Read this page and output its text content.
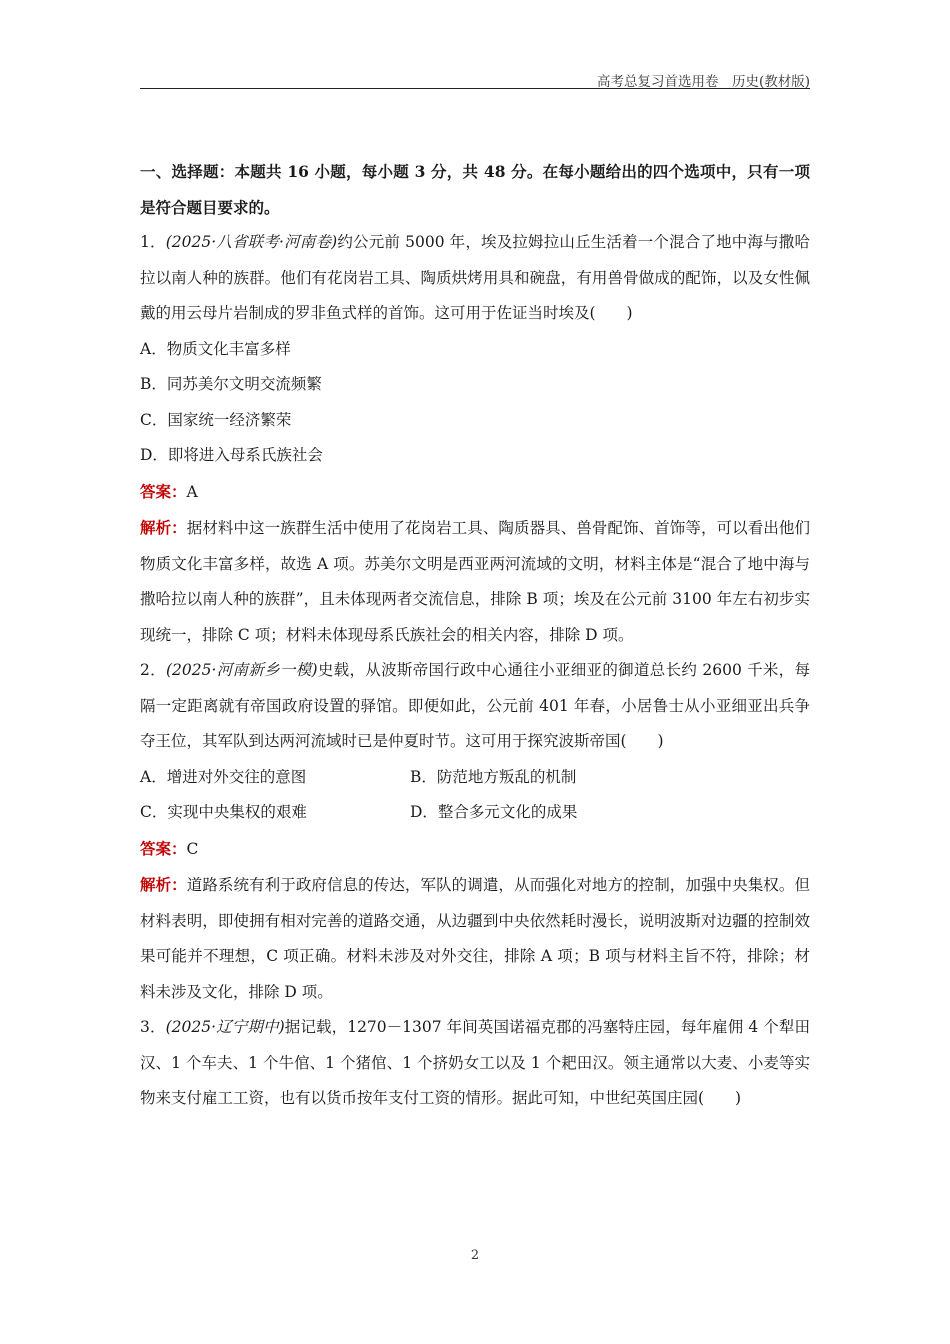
高考总复习首选用卷　历史(教材版)

一、选择题：本题共 16 小题，每小题 3 分，共 48 分。在每小题给出的四个选项中，只有一项是符合题目要求的。

1．(2025·八省联考·河南卷)约公元前 5000 年，埃及拉姆拉山丘生活着一个混合了地中海与撒哈拉以南人种的族群。他们有花岗岩工具、陶质烘烤用具和碗盘，有用兽骨做成的配饰，以及女性佩戴的用云母片岩制成的罗非鱼式样的首饰。这可用于佐证当时埃及(　　)

A．物质文化丰富多样

B．同苏美尔文明交流频繁

C．国家统一经济繁荣

D．即将进入母系氏族社会

答案：A

解析：据材料中这一族群生活中使用了花岗岩工具、陶质器具、兽骨配饰、首饰等，可以看出他们物质文化丰富多样，故选 A 项。苏美尔文明是西亚两河流域的文明，材料主体是“混合了地中海与撒哈拉以南人种的族群”，且未体现两者交流信息，排除 B 项；埃及在公元前 3100 年左右初步实现统一，排除 C 项；材料未体现母系氏族社会的相关内容，排除 D 项。

2．(2025·河南新乡一模)史载，从波斯帝国行政中心通往小亚细亚的御道总长约 2600 千米，每隔一定距离就有帝国政府设置的驿馆。即便如此，公元前 401 年春，小居鲁士从小亚细亚出兵争夺王位，其军队到达两河流域时已是仲夏时节。这可用于探究波斯帝国(　　)

A．增进对外交往的意图	B．防范地方叛乱的机制
C．实现中央集权的艰难	D．整合多元文化的成果

答案：C

解析：道路系统有利于政府信息的传达，军队的调遣，从而强化对地方的控制，加强中央集权。但材料表明，即使拥有相对完善的道路交通，从边疆到中央依然耗时漫长，说明波斯对边疆的控制效果可能并不理想，C 项正确。材料未涉及对外交往，排除 A 项；B 项与材料主旨不符，排除；材料未涉及文化，排除 D 项。

3．(2025·辽宁期中)据记载，1270－1307 年间英国诺福克郡的冯塞特庄园，每年雇佣 4 个犁田汉、1 个车夫、1 个牛倌、1 个猪倌、1 个挤奶女工以及 1 个耙田汉。领主通常以大麦、小麦等实物来支付雇工工资，也有以货币按年支付工资的情形。据此可知，中世纪英国庄园(　　)

2
